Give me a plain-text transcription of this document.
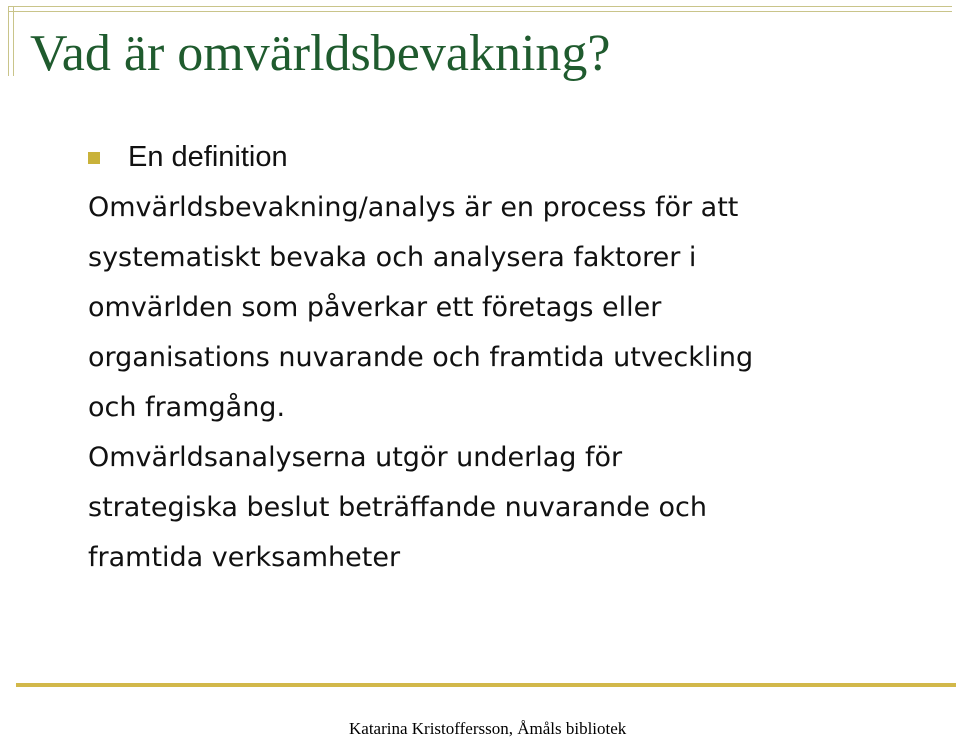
Vad är omvärldsbevakning?
En definition
Omvärldsbevakning/analys är en process för att
systematiskt bevaka och analysera faktorer i
omvärlden som påverkar ett företags eller
organisations nuvarande och framtida utveckling
och framgång.
Omvärldsanalyserna utgör underlag för
strategiska beslut beträffande nuvarande och
framtida verksamheter
Katarina Kristoffersson, Åmåls bibliotek
